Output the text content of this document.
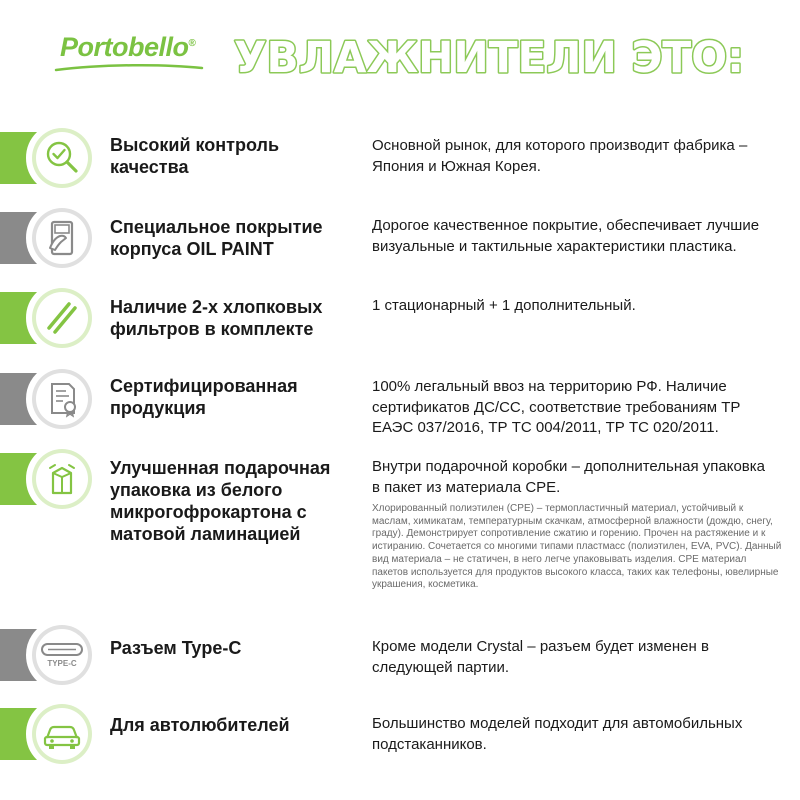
Portobello® УВЛАЖНИТЕЛИ ЭТО:
Высокий контроль качества
Основной рынок, для которого производит фабрика – Япония и Южная Корея.
Специальное покрытие корпуса OIL PAINT
Дорогое качественное покрытие, обеспечивает лучшие визуальные и тактильные характеристики пластика.
Наличие 2-х хлопковых фильтров в комплекте
1 стационарный + 1 дополнительный.
Сертифицированная продукция
100% легальный ввоз на территорию РФ. Наличие сертификатов ДС/СС, соответствие требованиям ТР ЕАЭС 037/2016, ТР ТС 004/2011, ТР ТС 020/2011.
Улучшенная подарочная упаковка из белого микрогофрокартона с матовой ламинацией
Внутри подарочной коробки – дополнительная упаковка в пакет из материала CPE.
Хлорированный полиэтилен (CPE) – термопластичный материал, устойчивый к маслам, химикатам, температурным скачкам, атмосферной влажности (дождю, снегу, граду). Демонстрирует сопротивление сжатию и горению. Прочен на растяжение и к истиранию. Сочетается со многими типами пластмасс (полиэтилен, EVA, PVC). Данный вид материала – не статичен, в него легче упаковывать изделия. CPE материал пакетов используется для продуктов высокого класса, таких как телефоны, ювелирные украшения, косметика.
TYPE-C
Разъем Type-C	Кроме модели Crystal – разъем будет изменен в следующей партии.
Для автолюбителей	Большинство моделей подходит для автомобильных подстаканников.
